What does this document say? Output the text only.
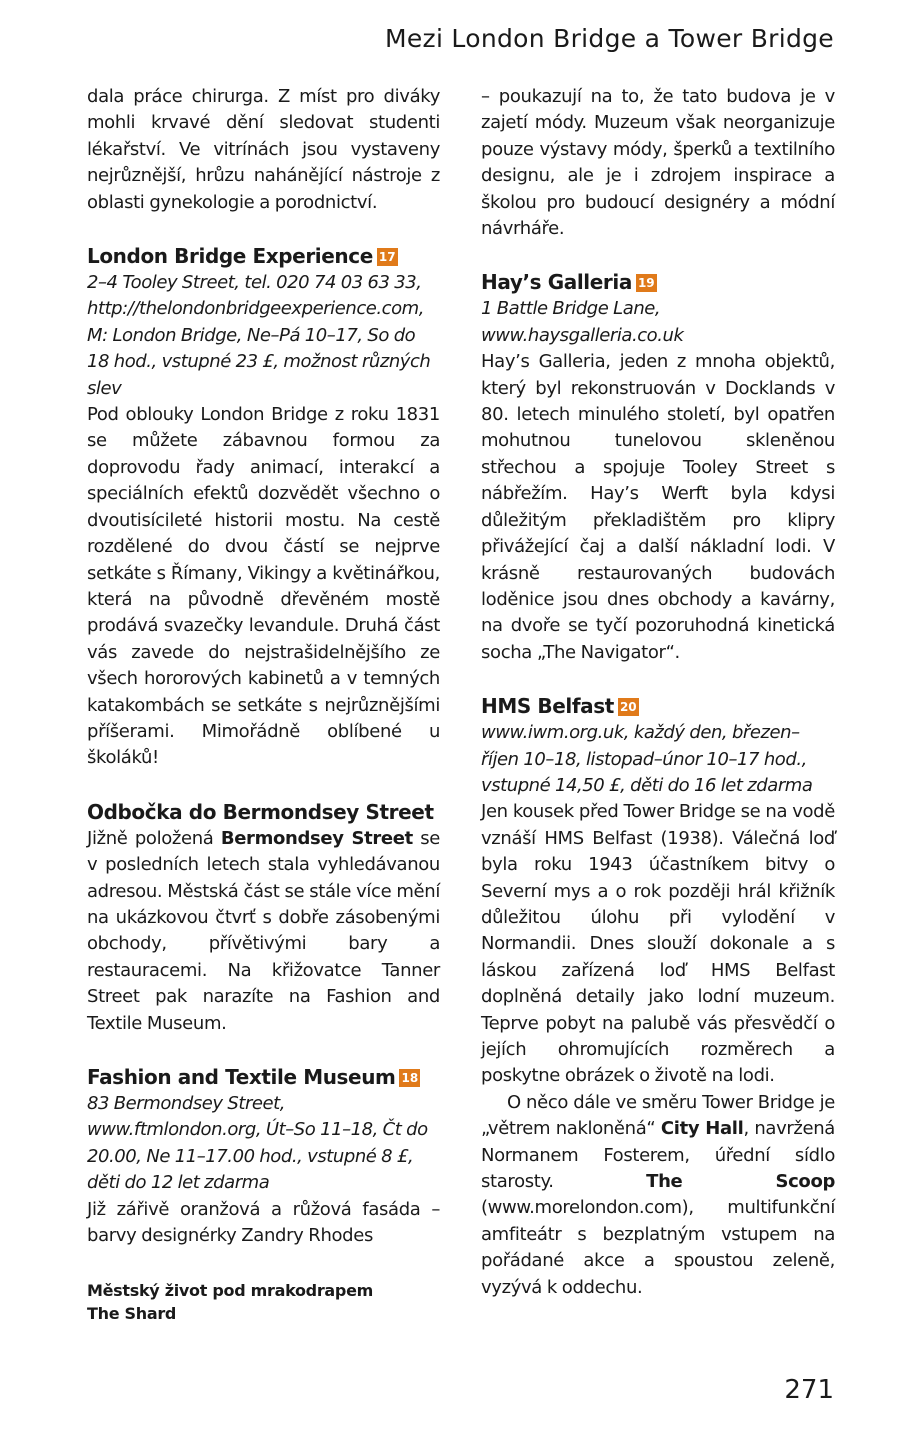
Mezi London Bridge a Tower Bridge

dala práce chirurga. Z míst pro diváky mohli krvavé dění sledovat studenti lékařství. Ve vitrínách jsou vystaveny nejrůznější, hrůzu nahánějící nástroje z oblasti gynekologie a porodnictví.

London Bridge Experience 17

2–4 Tooley Street, tel. 020 74 03 63 33, http://thelondonbridgeexperience.com, M: London Bridge, Ne–Pá 10–17, So do 18 hod., vstupné 23 £, možnost různých slev

Pod oblouky London Bridge z roku 1831 se můžete zábavnou formou za doprovodu řady animací, interakcí a speciálních efektů dozvědět všechno o dvoutisícileté historii mostu. Na cestě rozdělené do dvou částí se nejprve setkáte s Římany, Vikingy a květinářkou, která na původně dřevěném mostě prodává svazečky levandule. Druhá část vás zavede do nejstrašidelnějšího ze všech hororových kabinetů a v temných katakombách se setkáte s nejrůznějšími příšerami. Mimořádně oblíbené u školáků!

Odbočka do Bermondsey Street

Jižně položená Bermondsey Street se v posledních letech stala vyhledávanou adresou. Městská část se stále více mění na ukázkovou čtvrť s dobře zásobenými obchody, přívětivými bary a restauracemi. Na křižovatce Tanner Street pak narazíte na Fashion and Textile Museum.

Fashion and Textile Museum 18

83 Bermondsey Street, www.ftmlondon.org, Út–So 11–18, Čt do 20.00, Ne 11–17.00 hod., vstupné 8 £, děti do 12 let zdarma

Již zářivě oranžová a růžová fasáda – barvy designérky Zandry Rhodes

Městský život pod mrakodrapem
The Shard

– poukazují na to, že tato budova je v zajetí módy. Muzeum však neorganizuje pouze výstavy módy, šperků a textilního designu, ale je i zdrojem inspirace a školou pro budoucí designéry a módní návrháře.

Hay’s Galleria 19

1 Battle Bridge Lane, www.haysgalleria.co.uk

Hay’s Galleria, jeden z mnoha objektů, který byl rekonstruován v Docklands v 80. letech minulého století, byl opatřen mohutnou tunelovou skleněnou střechou a spojuje Tooley Street s nábřežím. Hay’s Werft byla kdysi důležitým překladištěm pro klipry přivážející čaj a další nákladní lodi. V krásně restaurovaných budovách loděnice jsou dnes obchody a kavárny, na dvoře se tyčí pozoruhodná kinetická socha „The Navigator“.

HMS Belfast 20

www.iwm.org.uk, každý den, březen–říjen 10–18, listopad–únor 10–17 hod., vstupné 14,50 £, děti do 16 let zdarma

Jen kousek před Tower Bridge se na vodě vznáší HMS Belfast (1938). Válečná loď byla roku 1943 účastníkem bitvy o Severní mys a o rok později hrál křižník důležitou úlohu při vylodění v Normandii. Dnes slouží dokonale a s láskou zařízená loď HMS Belfast doplněná detaily jako lodní muzeum. Teprve pobyt na palubě vás přesvědčí o jejích ohromujících rozměrech a poskytne obrázek o životě na lodi.

O něco dále ve směru Tower Bridge je „větrem nakloněná“ City Hall, navržená Normanem Fosterem, úřední sídlo starosty. The Scoop (www.morelondon.com), multifunkční amfiteátr s bezplatným vstupem na pořádané akce a spoustou zeleně, vyzývá k oddechu.

271
